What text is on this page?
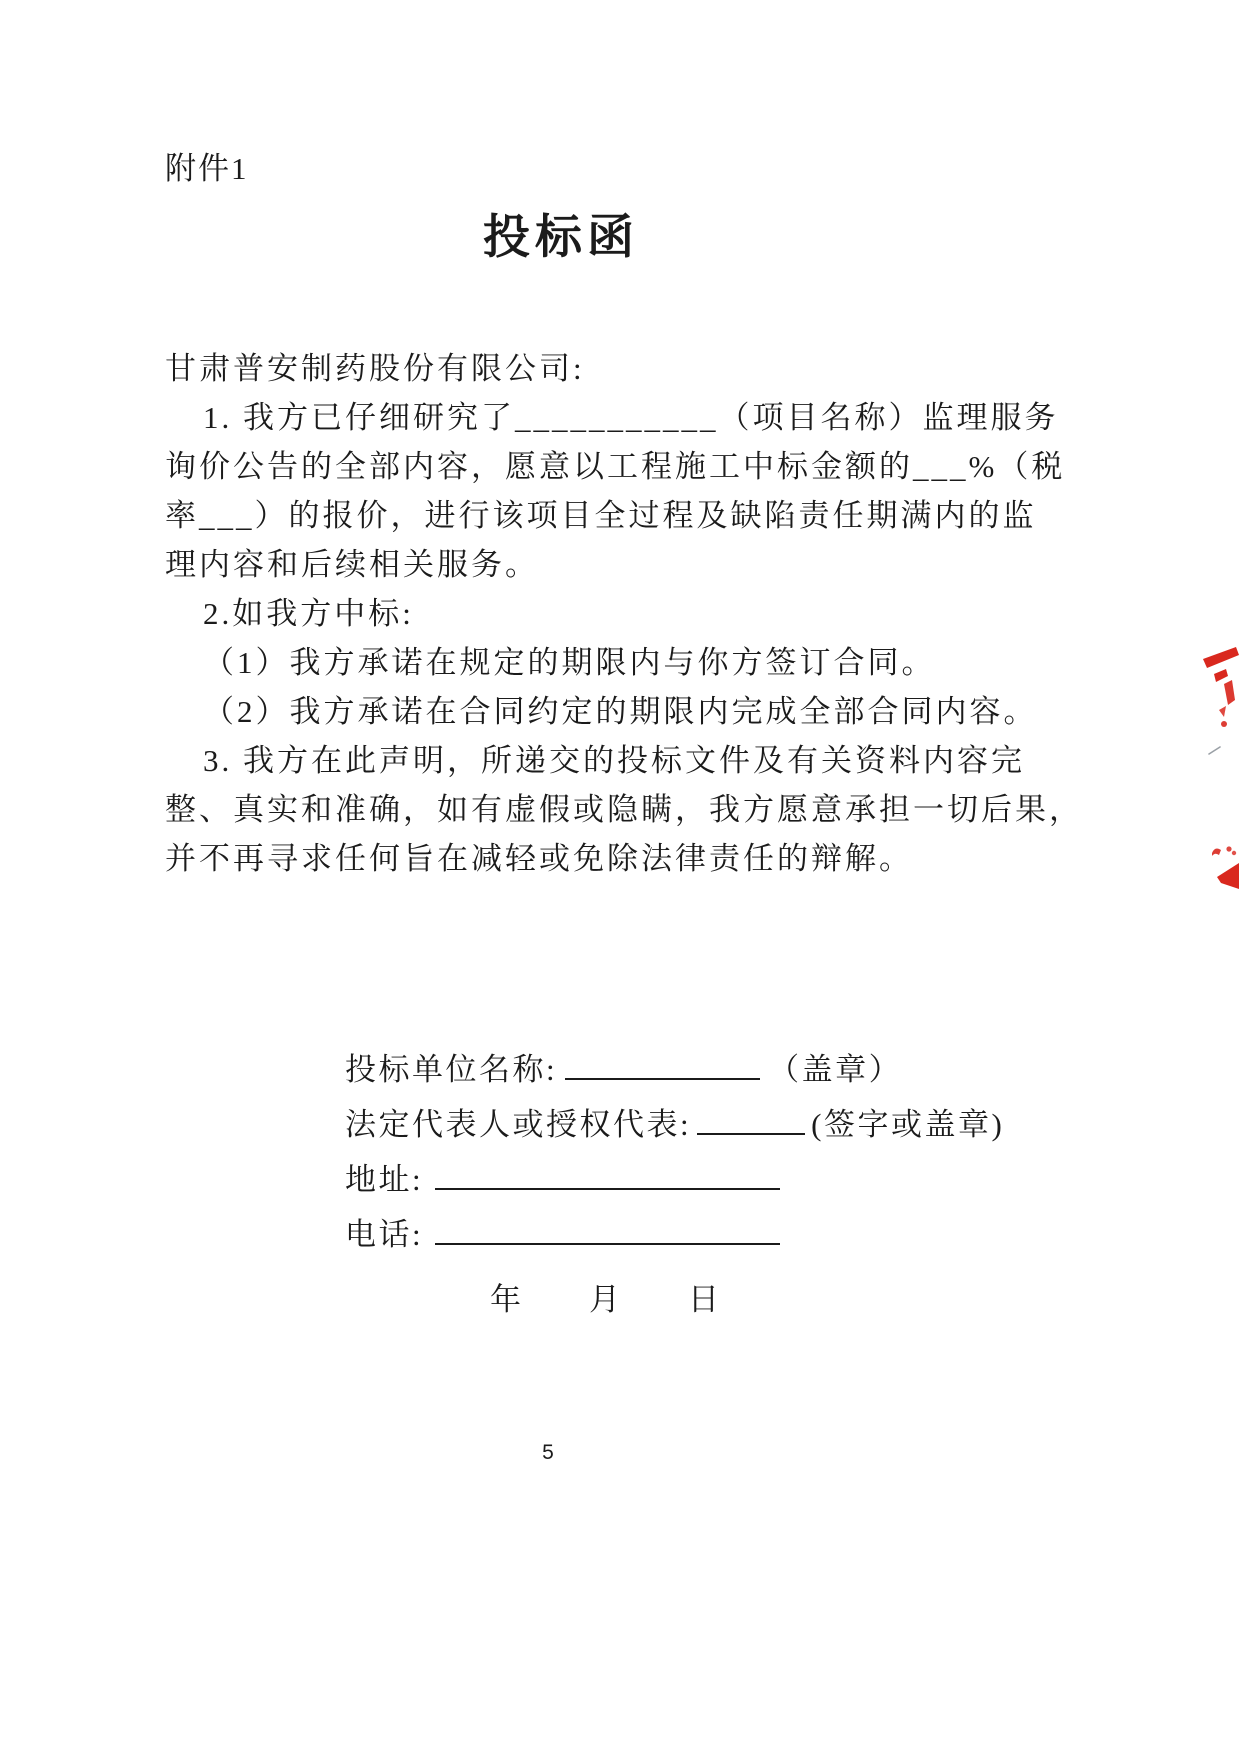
附件1
投标函
甘肃普安制药股份有限公司:
1. 我方已仔细研究了___________（项目名称）监理服务
询价公告的全部内容，愿意以工程施工中标金额的___%（税
率___）的报价，进行该项目全过程及缺陷责任期满内的监
理内容和后续相关服务。
2.如我方中标:
（1）我方承诺在规定的期限内与你方签订合同。
（2）我方承诺在合同约定的期限内完成全部合同内容。
3. 我方在此声明，所递交的投标文件及有关资料内容完
整、真实和准确，如有虚假或隐瞒，我方愿意承担一切后果，
并不再寻求任何旨在减轻或免除法律责任的辩解。
投标单位名称:	（盖章）
法定代表人或授权代表:	(签字或盖章)
地址:
电话:
年　　月　　日
5
